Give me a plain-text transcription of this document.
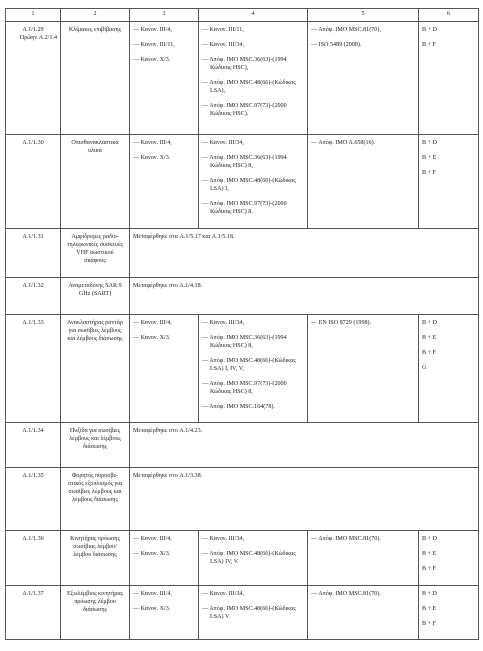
1	2	3	4	5	6

A.1/1.29
Πρώην A.2/1.4	Κλίμακες επιβίβασης	— Κανον. III/4,
— Κανον. III/11,
— Κανον. X/3.	— Κανον. III/11,
— Κανον. III/34,
— Απόφ. IMO MSC.36(63)-(1994 Κώδικας HSC),
— Απόφ. IMO MSC.48(66)-(Κώδικας LSA),
— Απόφ. IMO MSC.97(73)-(2000 Κώδικας HSC).	— Απόφ. IMO MSC.81(70),
— ISO 5489 (2008).	B + D
B + F

A.1/1.30	Οπισθανακλαστικά υλικά	— Κανον. III/4,
— Κανον. X/3.	— Κανον. III/34,
— Απόφ. IMO MSC.36(63)-(1994 Κώδικας HSC) 8,
— Απόφ. IMO MSC.48(66)-(Κώδικας LSA) I,
— Απόφ. IMO MSC.97(73)-(2000 Κώδικας HSC) 8.	— Απόφ. IMO A.658(16).	B + D
B + E
B + F

A.1/1.31	Αμφίδρομες ραδιο-τηλεφωνικές συσκευές VHF σωστικού σκάφους	Μεταφέρθηκε στα A.1/5.17 και A.1/5.18.			

A.1/1.32	Αναμεταδότης SAR 9 GHz (SART)	Μεταφέρθηκε στο A.1/4.18.			

A.1/1.33	Ανακλαστήρας ραντάρ για σωσίβιες λέμβους και λέμβους διάσωσης	— Κανον. III/4,
— Κανον. X/3.	— Κανον. III/34,
— Απόφ. IMO MSC.36(63)-(1994 Κώδικας HSC) 8,
— Απόφ. IMO MSC.48(66)-(Κώδικας LSA) I, IV, V,
— Απόφ. IMO MSC.97(73)-(2000 Κώδικας HSC) 8,
— Απόφ. IMO MSC.164(78).	— EN ISO 8729 (1998).	B + D
B + E
B + F
G

A.1/1.34	Πυξίδα για σωσίβιες λέμβους και λέμβους διάσωσης	Μεταφέρθηκε στο A.1/4.23.			

A.1/1.35	Φορητός πυροσβε-στικός εξοπλισμός για σωσίβιες λέμβους και λέμβους διάσωσης	Μεταφέρθηκε στο A.1/3.38.			

A.1/1.36	Κινητήρας πρόωσης σωσίβιας λέμβου/λέμβου διάσωσης	— Κανον. III/4,
— Κανον. X/3.	— Κανον. III/34,
— Απόφ. IMO MSC.48(66)-(Κώδικας LSA) IV, V.	— Απόφ. IMO MSC.81(70).	B + D
B + E
B + F

A.1/1.37	Εξωλέμβιος κινητήρας πρόωσης λέμβου διάσωσης	— Κανον. III/4,
— Κανον. X/3.	— Κανον. III/34,
— Απόφ. IMO MSC.48(66)-(Κώδικας LSA) V.	— Απόφ. IMO MSC.81(70).	B + D
B + E
B + F
